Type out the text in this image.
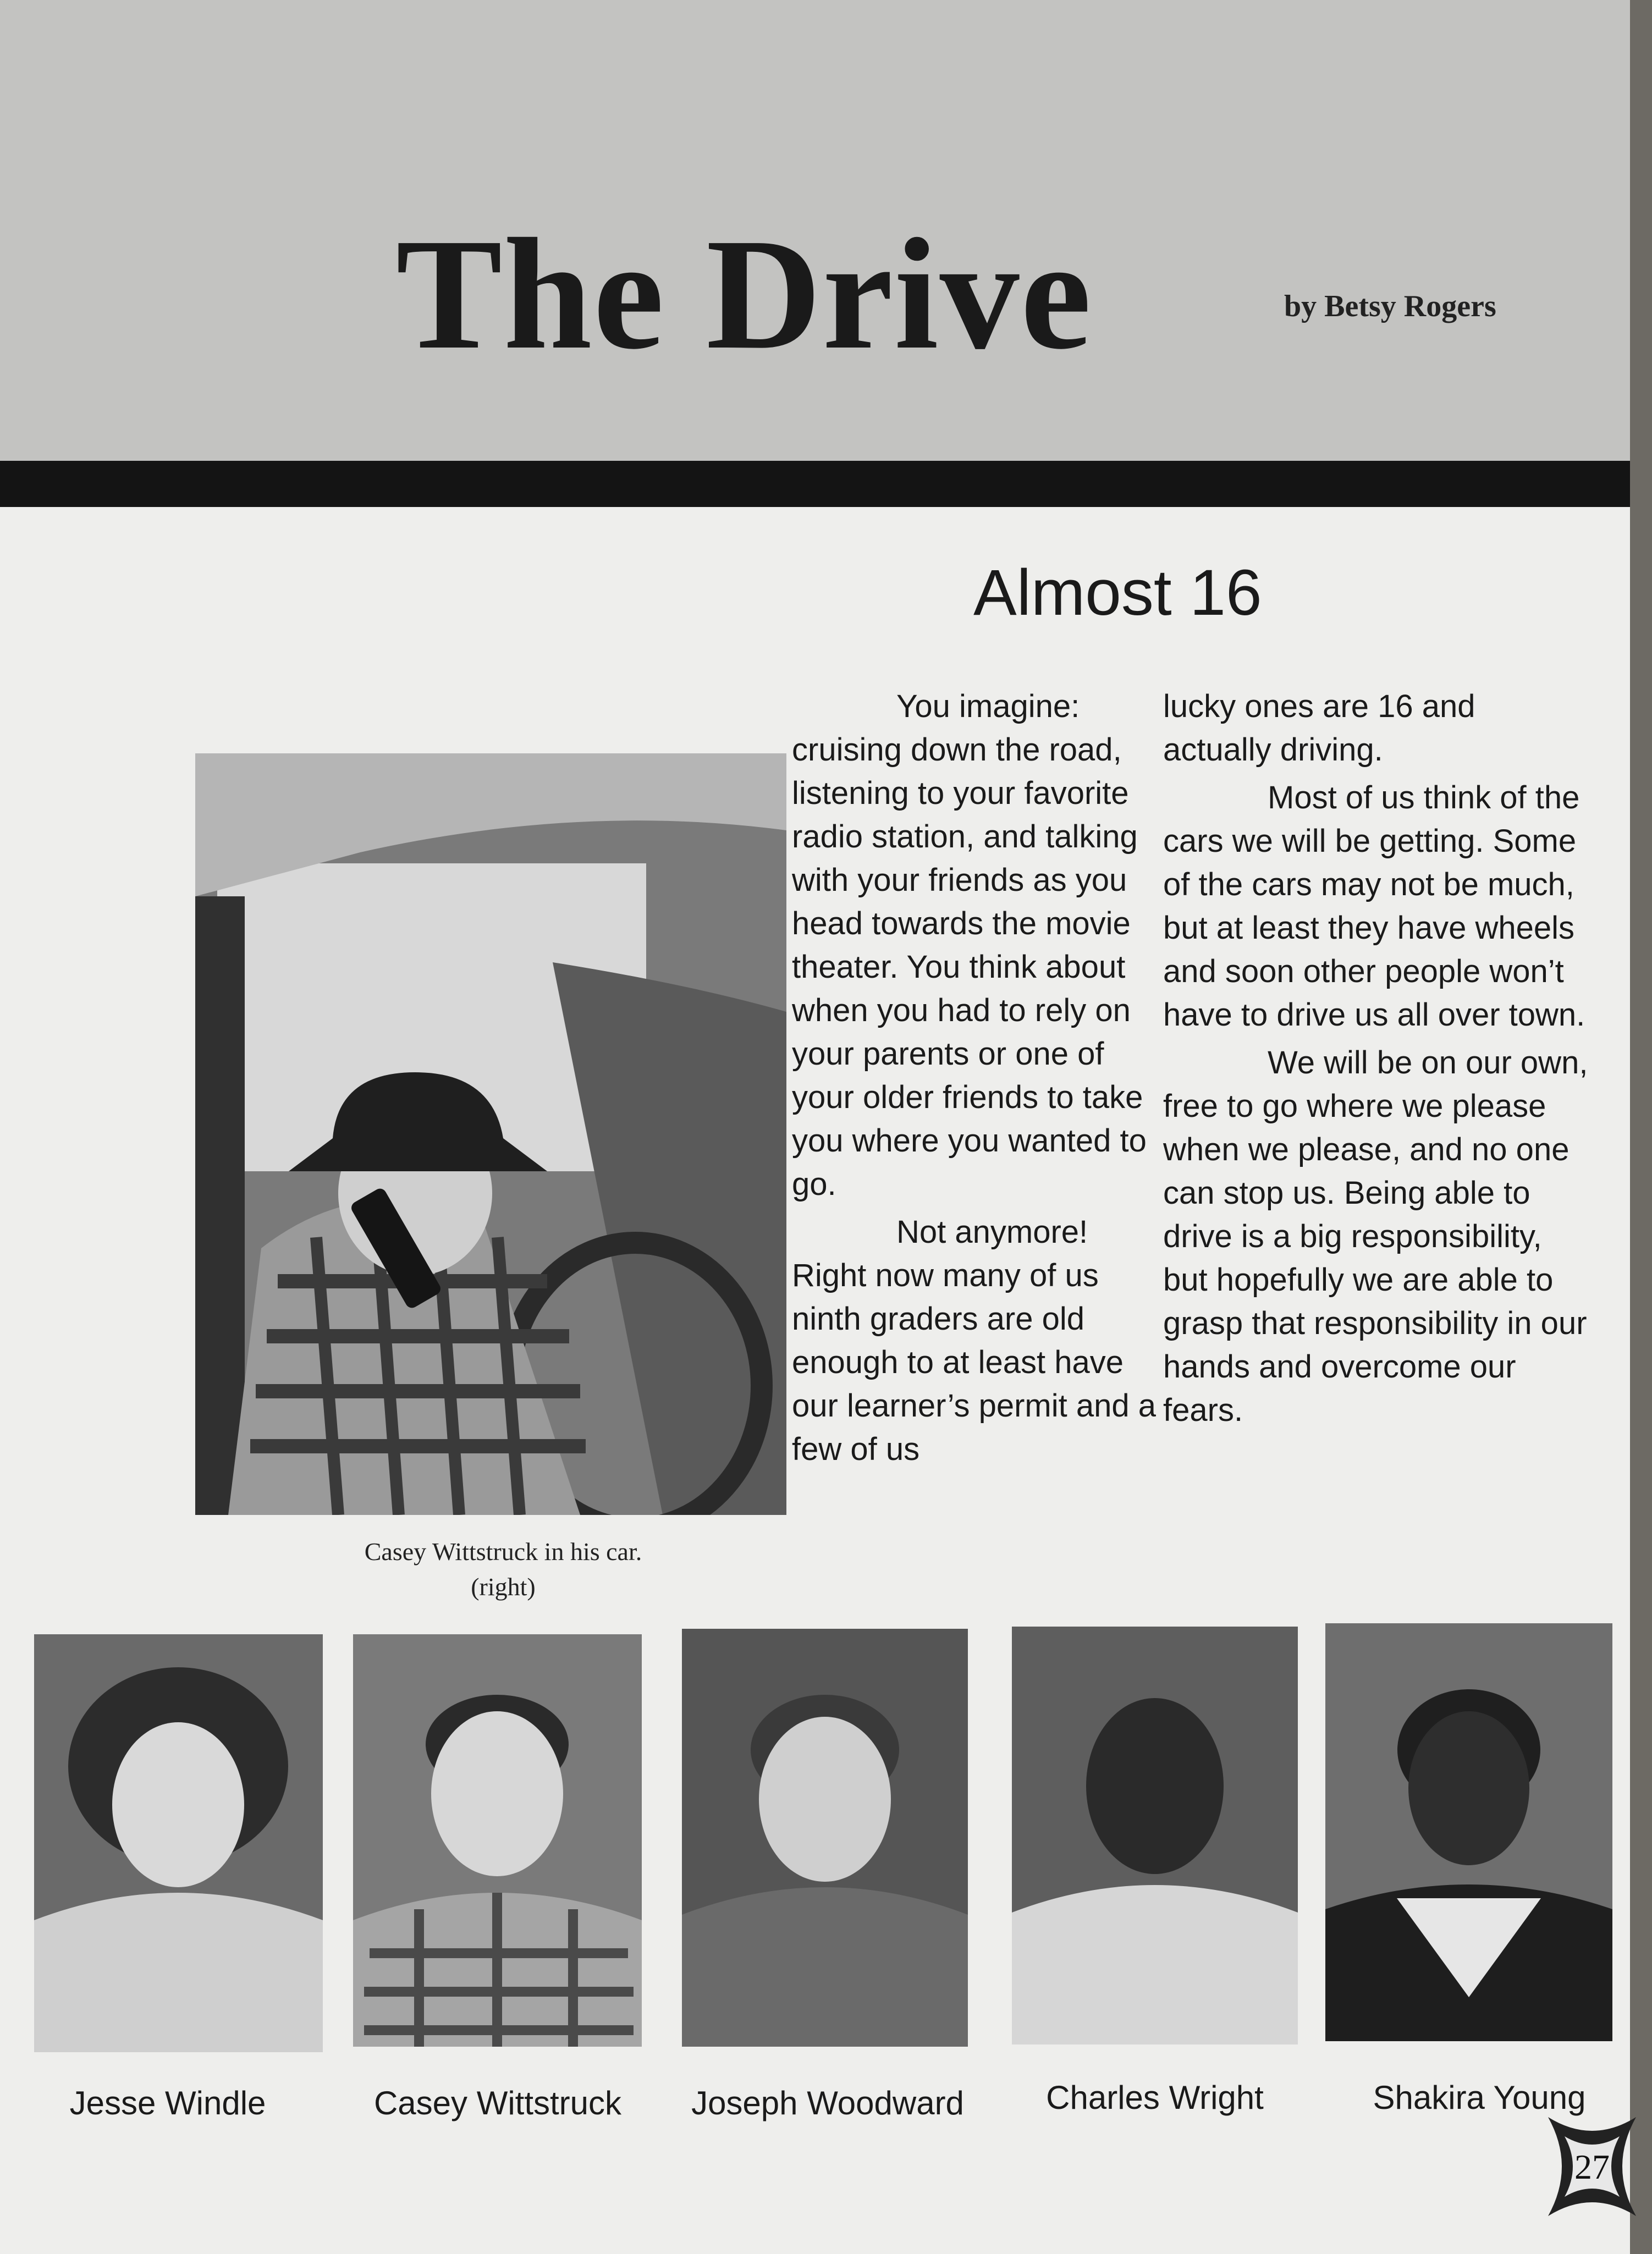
The Drive	by Betsy Rogers
Almost 16
Casey Wittstruck in his car.
(right)

You imagine: cruising down the road, listening to your favorite radio station, and talking with your friends as you head towards the movie theater. You think about when you had to rely on your parents or one of your older friends to take you where you wanted to go.

Not anymore! Right now many of us ninth graders are old enough to at least have our learner’s permit and a few of us

lucky ones are 16 and actually driving.

Most of us think of the cars we will be getting. Some of the cars may not be much, but at least they have wheels and soon other people won’t have to drive us all over town.

We will be on our own, free to go where we please when we please, and no one can stop us. Being able to drive is a big responsibility, but hopefully we are able to grasp that responsibility in our hands and overcome our fears.

Jesse Windle	Casey Wittstruck	Joseph Woodward	Charles Wright	Shakira Young
27
